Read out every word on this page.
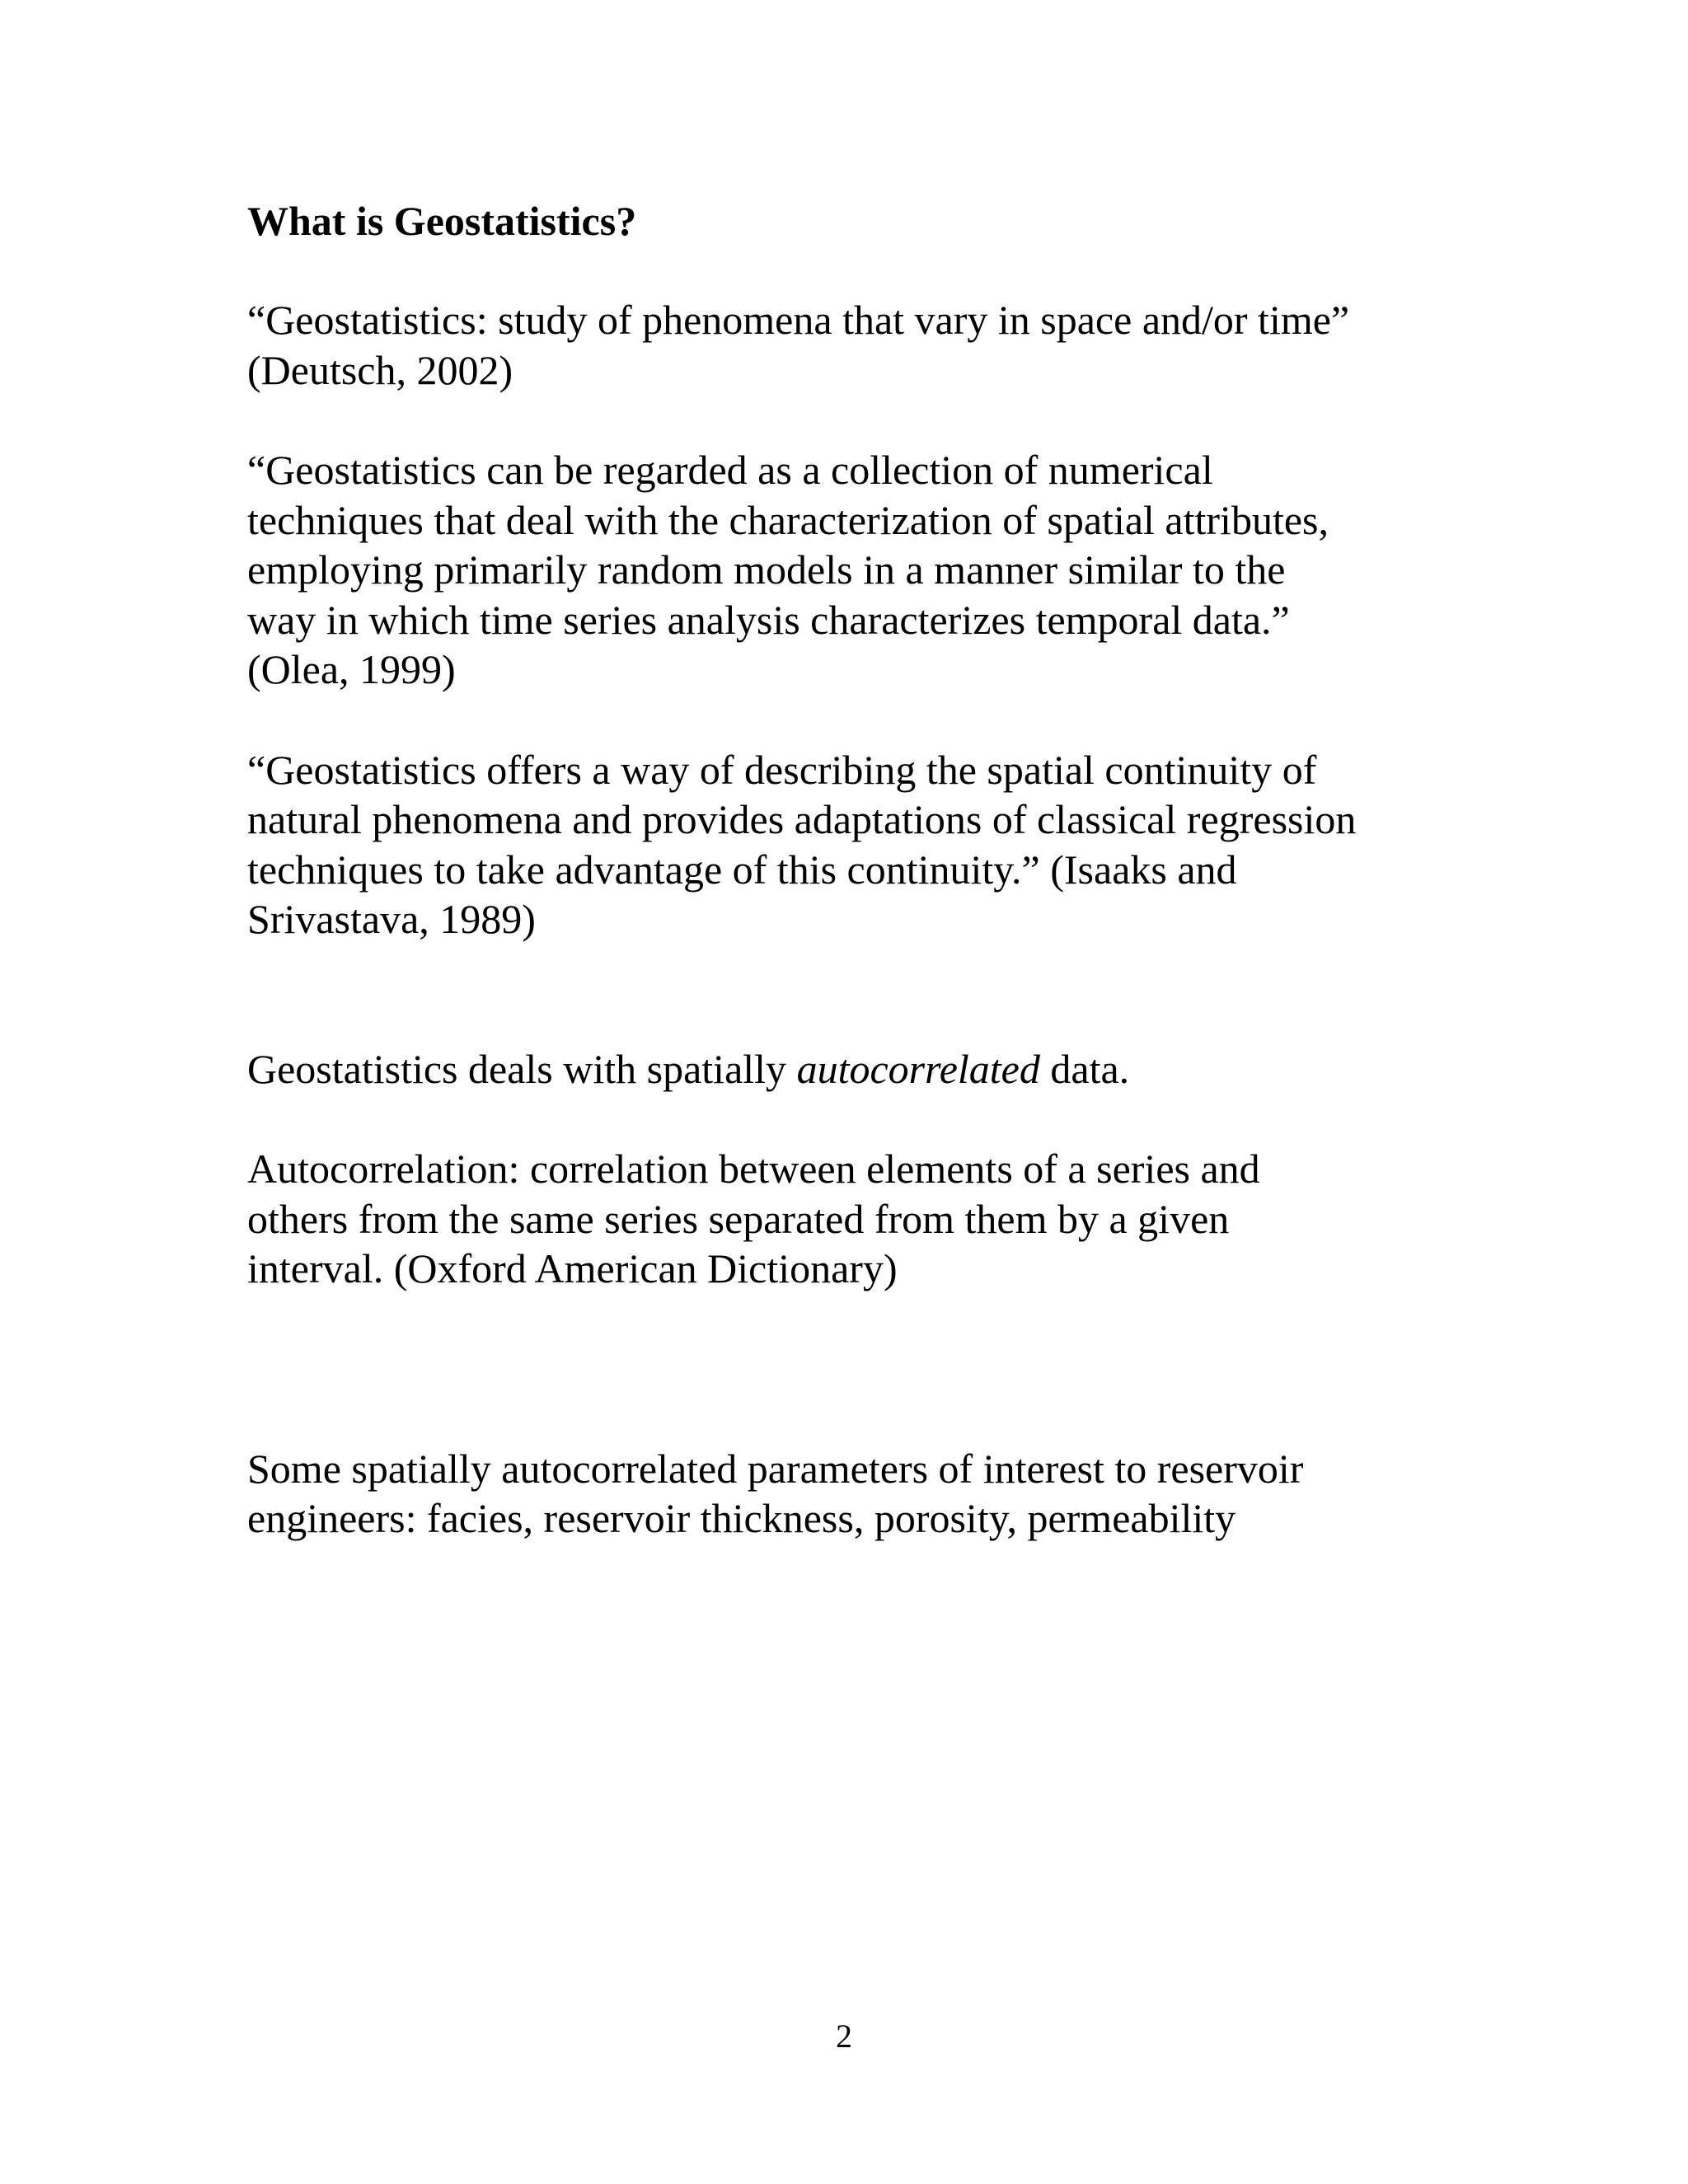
What is Geostatistics?

“Geostatistics: study of phenomena that vary in space and/or time”
(Deutsch, 2002)

“Geostatistics can be regarded as a collection of numerical
techniques that deal with the characterization of spatial attributes,
employing primarily random models in a manner similar to the
way in which time series analysis characterizes temporal data.”
(Olea, 1999)

“Geostatistics offers a way of describing the spatial continuity of
natural phenomena and provides adaptations of classical regression
techniques to take advantage of this continuity.” (Isaaks and
Srivastava, 1989)

Geostatistics deals with spatially autocorrelated data.

Autocorrelation: correlation between elements of a series and
others from the same series separated from them by a given
interval. (Oxford American Dictionary)

Some spatially autocorrelated parameters of interest to reservoir
engineers: facies, reservoir thickness, porosity, permeability

2
